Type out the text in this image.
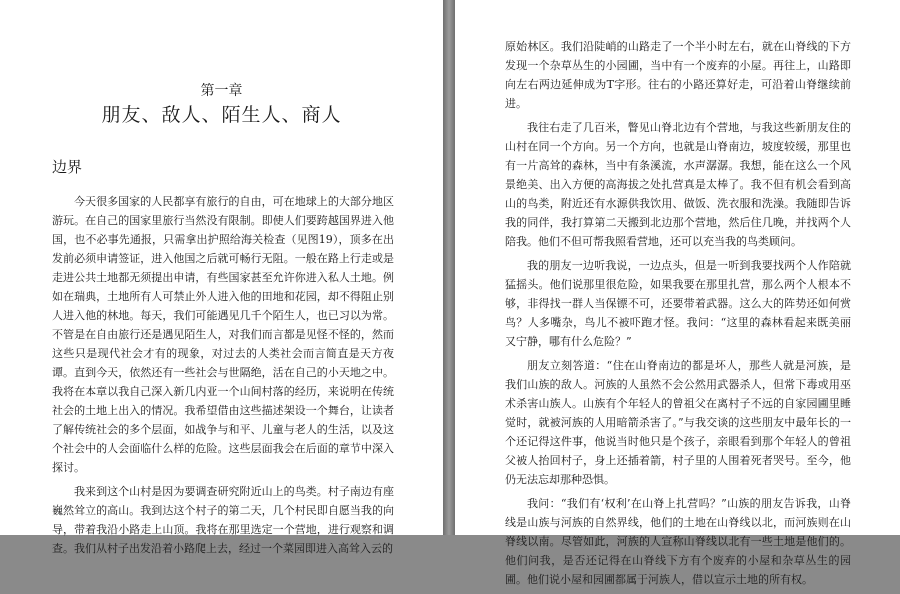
第一章
朋友、敌人、陌生人、商人
边界

今天很多国家的人民都享有旅行的自由，可在地球上的大部分地区游玩。在自己的国家里旅行当然没有限制。即使人们要跨越国界进入他国，也不必事先通报，只需拿出护照给海关检查（见图19），顶多在出发前必须申请签证，进入他国之后就可畅行无阻。一般在路上行走或是走进公共土地都无须提出申请，有些国家甚至允许你进入私人土地。例如在瑞典，土地所有人可禁止外人进入他的田地和花园，却不得阻止别人进入他的林地。每天，我们可能遇见几千个陌生人，也已习以为常。不管是在自由旅行还是遇见陌生人，对我们而言都是见怪不怪的，然而这些只是现代社会才有的现象，对过去的人类社会而言简直是天方夜谭。直到今天，依然还有一些社会与世隔绝，活在自己的小天地之中。我将在本章以我自己深入新几内亚一个山间村落的经历，来说明在传统社会的土地上出入的情况。我希望借由这些描述架设一个舞台，让读者了解传统社会的多个层面，如战争与和平、儿童与老人的生活，以及这个社会中的人会面临什么样的危险。这些层面我会在后面的章节中深入探讨。

我来到这个山村是因为要调查研究附近山上的鸟类。村子南边有座巍然耸立的高山。我到达这个村子的第二天，几个村民即自愿当我的向导，带着我沿小路走上山顶。我将在那里选定一个营地，进行观察和调查。我们从村子出发沿着小路爬上去，经过一个菜园即进入高耸入云的

原始林区。我们沿陡峭的山路走了一个半小时左右，就在山脊线的下方发现一个杂草丛生的小园圃，当中有一个废弃的小屋。再往上，山路即向左右两边延伸成为T字形。往右的小路还算好走，可沿着山脊继续前进。

我往右走了几百米，瞥见山脊北边有个营地，与我这些新朋友住的山村在同一个方向。另一个方向，也就是山脊南边，坡度较缓，那里也有一片高耸的森林，当中有条溪流，水声潺潺。我想，能在这么一个风景绝美、出入方便的高海拔之处扎营真是太棒了。我不但有机会看到高山的鸟类，附近还有水源供我饮用、做饭、洗衣服和洗澡。我随即告诉我的同伴，我打算第二天搬到北边那个营地，然后住几晚，并找两个人陪我。他们不但可帮我照看营地，还可以充当我的鸟类顾问。

我的朋友一边听我说，一边点头，但是一听到我要找两个人作陪就猛摇头。他们说那里很危险，如果我要在那里扎营，那么两个人根本不够，非得找一群人当保镖不可，还要带着武器。这么大的阵势还如何赏鸟？人多嘴杂，鸟儿不被吓跑才怪。我问：“这里的森林看起来既美丽又宁静，哪有什么危险？”

朋友立刻答道：“住在山脊南边的都是坏人，那些人就是河族，是我们山族的敌人。河族的人虽然不会公然用武器杀人，但常下毒或用巫术杀害山族人。山族有个年轻人的曾祖父在离村子不远的自家园圃里睡觉时，就被河族的人用暗箭杀害了。”与我交谈的这些朋友中最年长的一个还记得这件事，他说当时他只是个孩子，亲眼看到那个年轻人的曾祖父被人抬回村子，身上还插着箭，村子里的人围着死者哭号。至今，他仍无法忘却那种恐惧。

我问：“我们有‘权利’在山脊上扎营吗？”山族的朋友告诉我，山脊线是山族与河族的自然界线，他们的土地在山脊线以北，而河族则在山脊线以南。尽管如此，河族的人宣称山脊线以北有一些土地是他们的。他们问我，是否还记得在山脊线下方有个废弃的小屋和杂草丛生的园圃。他们说小屋和园圃都属于河族人，借以宣示土地的所有权。
